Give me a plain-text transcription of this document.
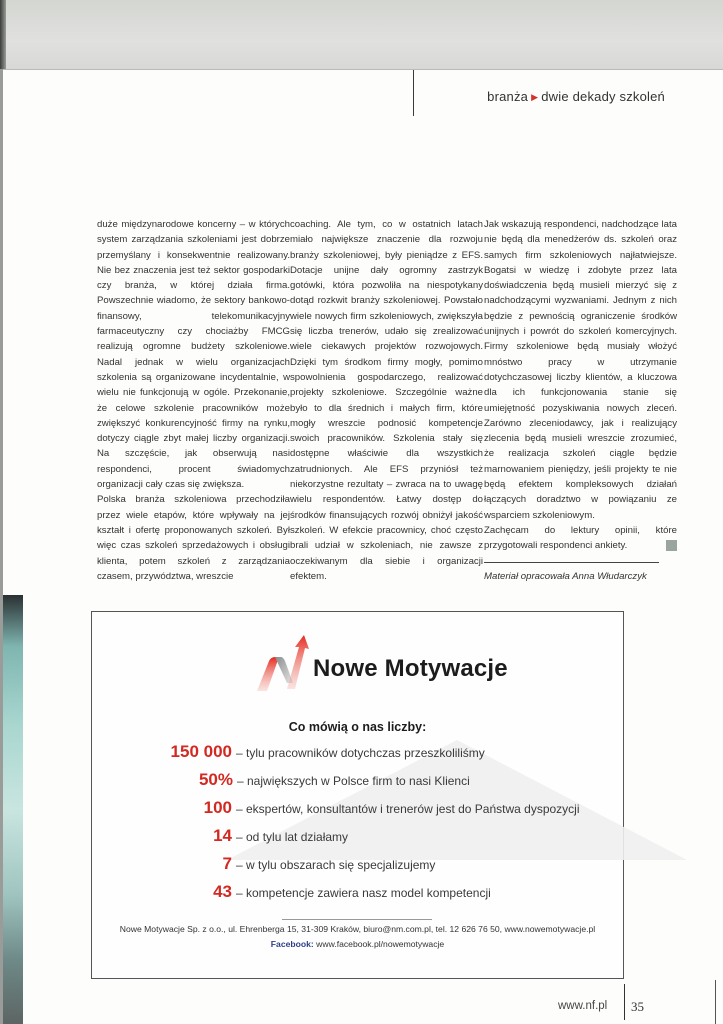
branża ▶ dwie dekady szkoleń

duże międzynarodowe koncerny – w których system zarządzania szkoleniami jest dobrze przemyślany i konsekwentnie realizowany. Nie bez znaczenia jest też sektor gospodarki czy branża, w której działa firma. Powszechnie wiadomo, że sektory bankowo-finansowy, telekomunikacyjny farmaceutyczny czy chociażby FMCG realizują ogromne budżety szkoleniowe. Nadal jednak w wielu organizacjach szkolenia są organizowane incydentalnie, w wielu nie funkcjonują w ogóle. Przekonanie, że celowe szkolenie pracowników może zwiększyć konkurencyjność firmy na rynku, dotyczy ciągle zbyt małej liczby organizacji. Na szczęście, jak obserwują nasi respondenci, procent świadomych organizacji cały czas się zwiększa.

Polska branża szkoleniowa przechodziła przez wiele etapów, które wpływały na jej kształt i ofertę proponowanych szkoleń. Był więc czas szkoleń sprzedażowych i obsługi klienta, potem szkoleń z zarządzania czasem, przywództwa, wreszcie

coaching. Ale tym, co w ostatnich latach miało największe znaczenie dla rozwoju branży szkoleniowej, były pieniądze z EFS. Dotacje unijne dały ogromny zastrzyk gotówki, która pozwoliła na niespotykany dotąd rozkwit branży szkoleniowej. Powstało wiele nowych firm szkoleniowych, zwiększyła się liczba trenerów, udało się zrealizować wiele ciekawych projektów rozwojowych. Dzięki tym środkom firmy mogły, pomimo spowolnienia gospodarczego, realizować projekty szkoleniowe. Szczególnie ważne było to dla średnich i małych firm, które mogły wreszcie podnosić kompetencje swoich pracowników. Szkolenia stały się dostępne właściwie dla wszystkich zatrudnionych. Ale EFS przyniósł też niekorzystne rezultaty – zwraca na to uwagę wielu respondentów. Łatwy dostęp do środków finansujących rozwój obniżył jakość szkoleń. W efekcie pracownicy, choć często brali udział w szkoleniach, nie zawsze z oczekiwanym dla siebie i organizacji efektem.

Jak wskazują respondenci, nadchodzące lata nie będą dla menedżerów ds. szkoleń oraz samych firm szkoleniowych najłatwiejsze. Bogatsi w wiedzę i zdobyte przez lata doświadczenia będą musieli mierzyć się z nadchodzącymi wyzwaniami. Jednym z nich będzie z pewnością ograniczenie środków unijnych i powrót do szkoleń komercyjnych. Firmy szkoleniowe będą musiały włożyć mnóstwo pracy w utrzymanie dotychczasowej liczby klientów, a kluczowa dla ich funkcjonowania stanie się umiejętność pozyskiwania nowych zleceń. Zarówno zleceniodawcy, jak i realizujący zlecenia będą musieli wreszcie zrozumieć, że realizacja szkoleń ciągle będzie marnowaniem pieniędzy, jeśli projekty te nie będą efektem kompleksowych działań łączących doradztwo w powiązaniu ze wsparciem szkoleniowym.

Zachęcam do lektury opinii, które przygotowali respondenci ankiety.

Materiał opracowała Anna Włudarczyk
Nowe Motywacje
Co mówią o nas liczby:
150 000 – tylu pracowników dotychczas przeszkoliliśmy
50% – największych w Polsce firm to nasi Klienci
100 – ekspertów, konsultantów i trenerów jest do Państwa dyspozycji
14 – od tylu lat działamy
7 – w tylu obszarach się specjalizujemy
43 – kompetencje zawiera nasz model kompetencji
Nowe Motywacje Sp. z o.o., ul. Ehrenberga 15, 31-309 Kraków, biuro@nm.com.pl, tel. 12 626 76 50, www.nowemotywacje.pl
Facebook: www.facebook.pl/nowemotywacje
www.nf.pl 35
